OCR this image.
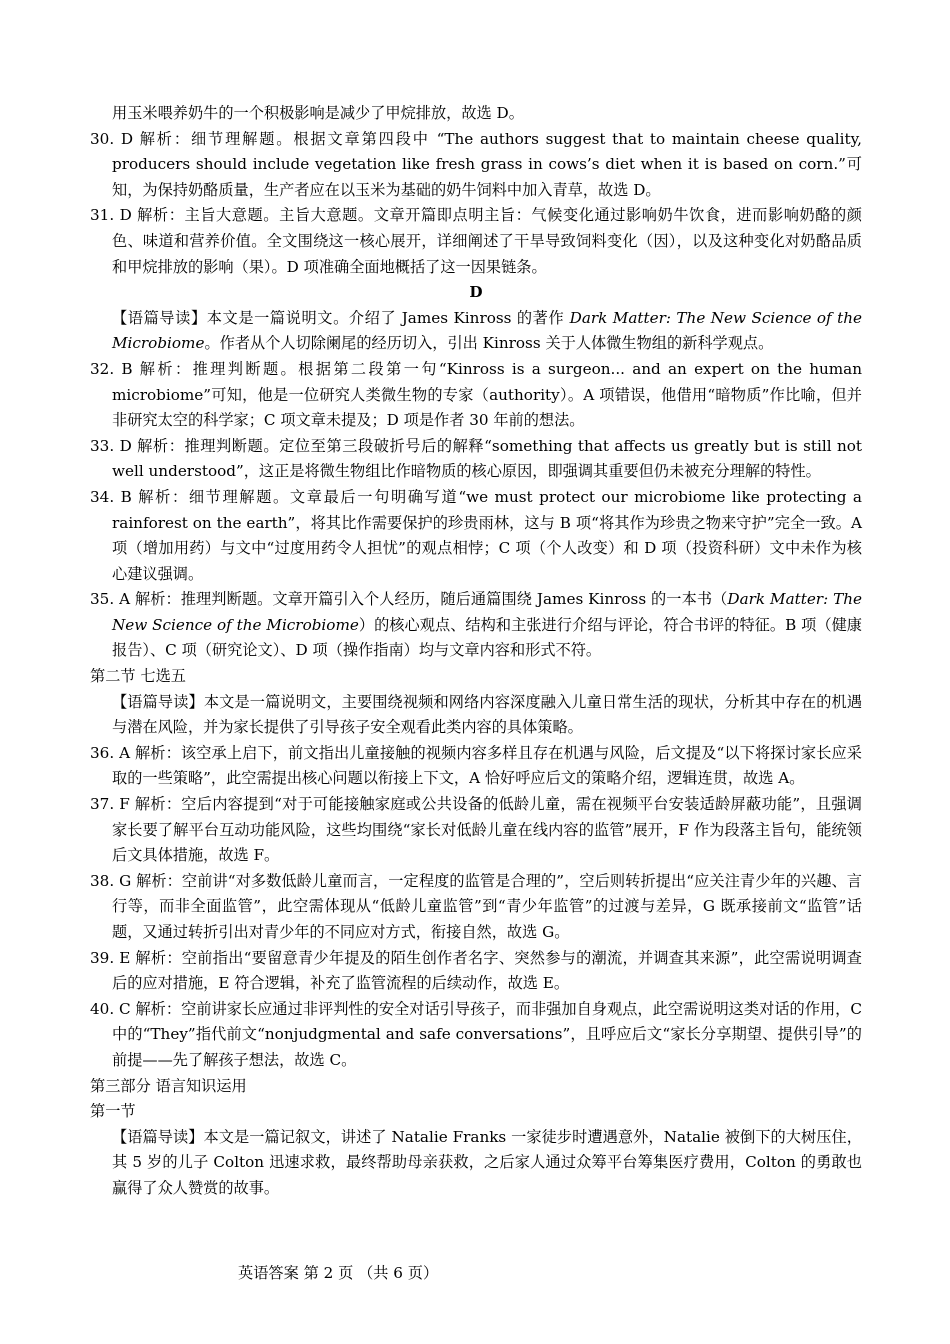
用玉米喂养奶牛的一个积极影响是减少了甲烷排放，故选 D。

30. D 解析：细节理解题。根据文章第四段中 “The authors suggest that to maintain cheese quality, producers should include vegetation like fresh grass in cows’s diet when it is based on corn.”可知，为保持奶酪质量，生产者应在以玉米为基础的奶牛饲料中加入青草，故选 D。

31. D 解析：主旨大意题。主旨大意题。文章开篇即点明主旨：气候变化通过影响奶牛饮食，进而影响奶酪的颜色、味道和营养价值。全文围绕这一核心展开，详细阐述了干旱导致饲料变化（因），以及这种变化对奶酪品质和甲烷排放的影响（果）。D 项准确全面地概括了这一因果链条。

D

【语篇导读】本文是一篇说明文。介绍了 James Kinross 的著作 Dark Matter: The New Science of the Microbiome。作者从个人切除阑尾的经历切入，引出 Kinross 关于人体微生物组的新科学观点。

32. B 解析：推理判断题。根据第二段第一句“Kinross is a surgeon... and an expert on the human microbiome”可知，他是一位研究人类微生物的专家（authority）。A 项错误，他借用“暗物质”作比喻，但并非研究太空的科学家；C 项文章未提及；D 项是作者 30 年前的想法。

33. D 解析：推理判断题。定位至第三段破折号后的解释“something that affects us greatly but is still not well understood”，这正是将微生物组比作暗物质的核心原因，即强调其重要但仍未被充分理解的特性。

34. B 解析：细节理解题。文章最后一句明确写道“we must protect our microbiome like protecting a rainforest on the earth”，将其比作需要保护的珍贵雨林，这与 B 项“将其作为珍贵之物来守护”完全一致。A 项（增加用药）与文中“过度用药令人担忧”的观点相悖；C 项（个人改变）和 D 项（投资科研）文中未作为核心建议强调。

35. A 解析：推理判断题。文章开篇引入个人经历，随后通篇围绕 James Kinross 的一本书（Dark Matter: The New Science of the Microbiome）的核心观点、结构和主张进行介绍与评论，符合书评的特征。B 项（健康报告）、C 项（研究论文）、D 项（操作指南）均与文章内容和形式不符。

第二节 七选五

【语篇导读】本文是一篇说明文，主要围绕视频和网络内容深度融入儿童日常生活的现状，分析其中存在的机遇与潜在风险，并为家长提供了引导孩子安全观看此类内容的具体策略。

36. A 解析：该空承上启下，前文指出儿童接触的视频内容多样且存在机遇与风险，后文提及“以下将探讨家长应采取的一些策略”，此空需提出核心问题以衔接上下文，A 恰好呼应后文的策略介绍，逻辑连贯，故选 A。

37. F 解析：空后内容提到“对于可能接触家庭或公共设备的低龄儿童，需在视频平台安装适龄屏蔽功能”，且强调家长要了解平台互动功能风险，这些均围绕“家长对低龄儿童在线内容的监管”展开，F 作为段落主旨句，能统领后文具体措施，故选 F。

38. G 解析：空前讲“对多数低龄儿童而言，一定程度的监管是合理的”，空后则转折提出“应关注青少年的兴趣、言行等，而非全面监管”，此空需体现从“低龄儿童监管”到“青少年监管”的过渡与差异，G 既承接前文“监管”话题，又通过转折引出对青少年的不同应对方式，衔接自然，故选 G。

39. E 解析：空前指出“要留意青少年提及的陌生创作者名字、突然参与的潮流，并调查其来源”，此空需说明调查后的应对措施，E 符合逻辑，补充了监管流程的后续动作，故选 E。

40. C 解析：空前讲家长应通过非评判性的安全对话引导孩子，而非强加自身观点，此空需说明这类对话的作用，C 中的“They”指代前文“nonjudgmental and safe conversations”，且呼应后文“家长分享期望、提供引导”的前提——先了解孩子想法，故选 C。

第三部分 语言知识运用

第一节

【语篇导读】本文是一篇记叙文，讲述了 Natalie Franks 一家徒步时遭遇意外，Natalie 被倒下的大树压住，其 5 岁的儿子 Colton 迅速求救，最终帮助母亲获救，之后家人通过众筹平台筹集医疗费用，Colton 的勇敢也赢得了众人赞赏的故事。

英语答案 第 2 页 （共 6 页）
